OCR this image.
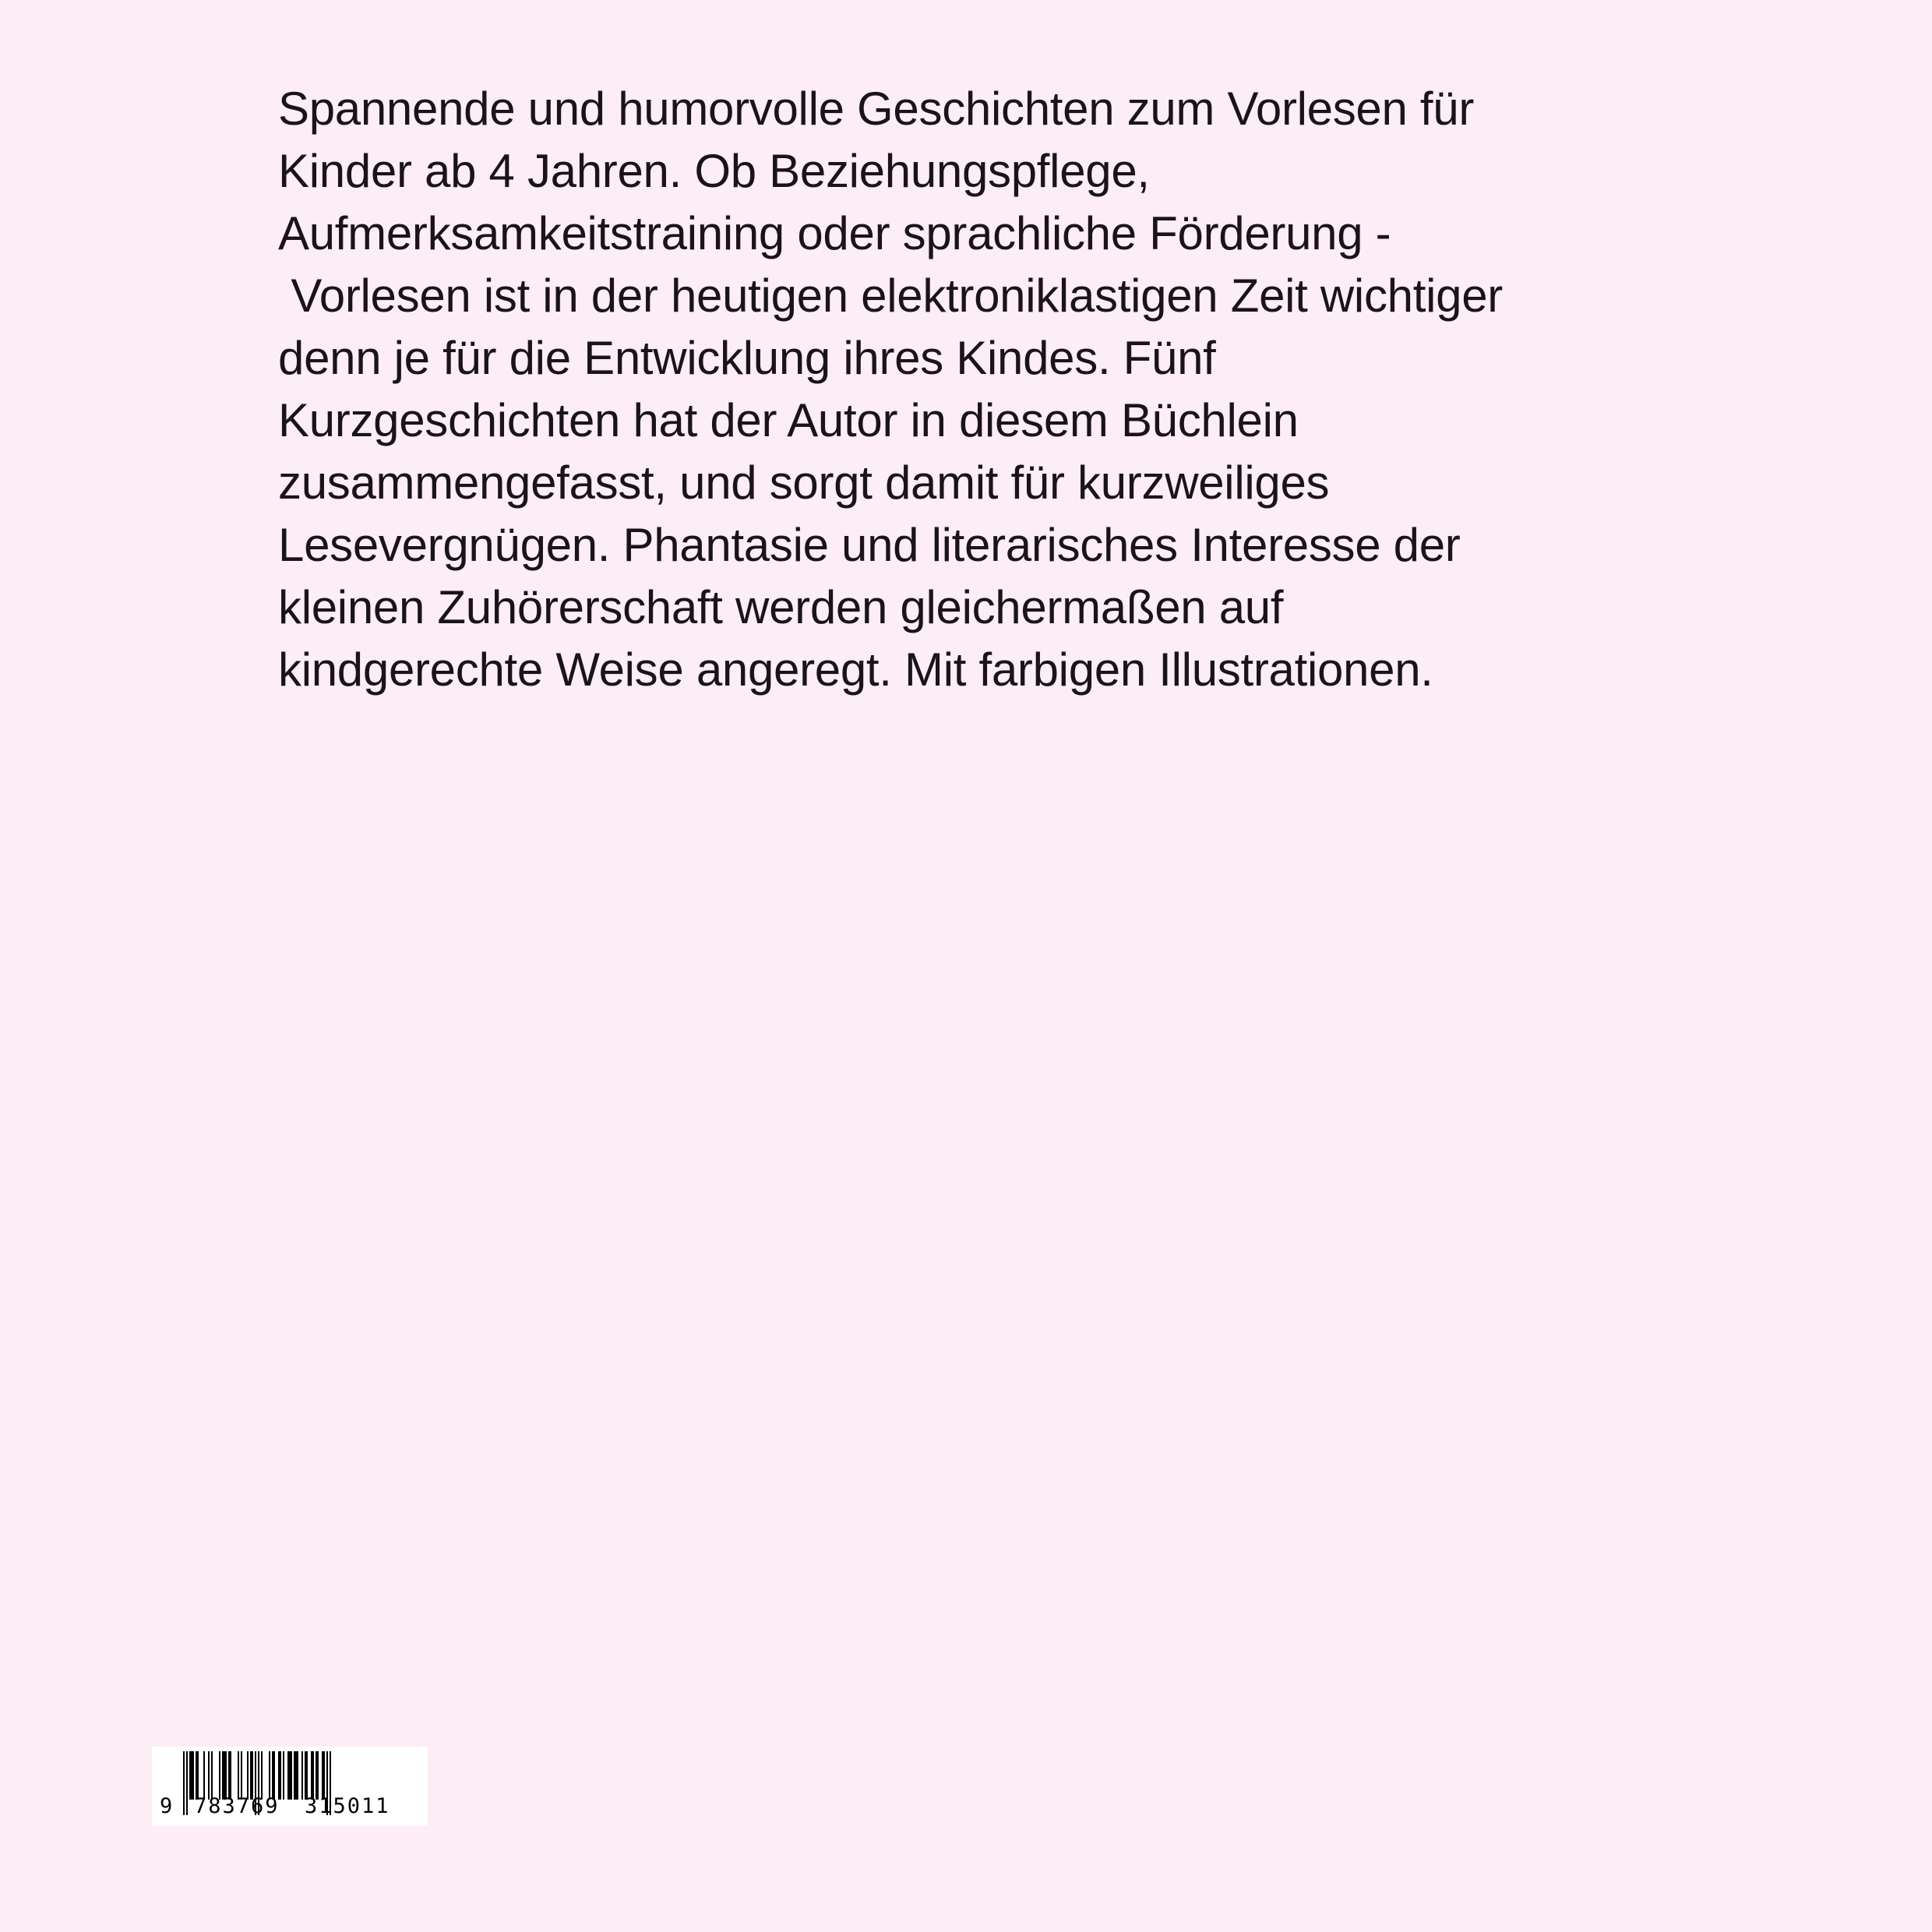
Spannende und humorvolle Geschichten zum Vorlesen für
Kinder ab 4 Jahren. Ob Beziehungspflege,
Aufmerksamkeitstraining oder sprachliche Förderung -
Vorlesen ist in der heutigen elektroniklastigen Zeit wichtiger
denn je für die Entwicklung ihres Kindes. Fünf
Kurzgeschichten hat der Autor in diesem Büchlein
zusammengefasst, und sorgt damit für kurzweiliges
Lesevergnügen. Phantasie und literarisches Interesse der
kleinen Zuhörerschaft werden gleichermaßen auf
kindgerechte Weise angeregt. Mit farbigen Illustrationen.
9 783769 315011
